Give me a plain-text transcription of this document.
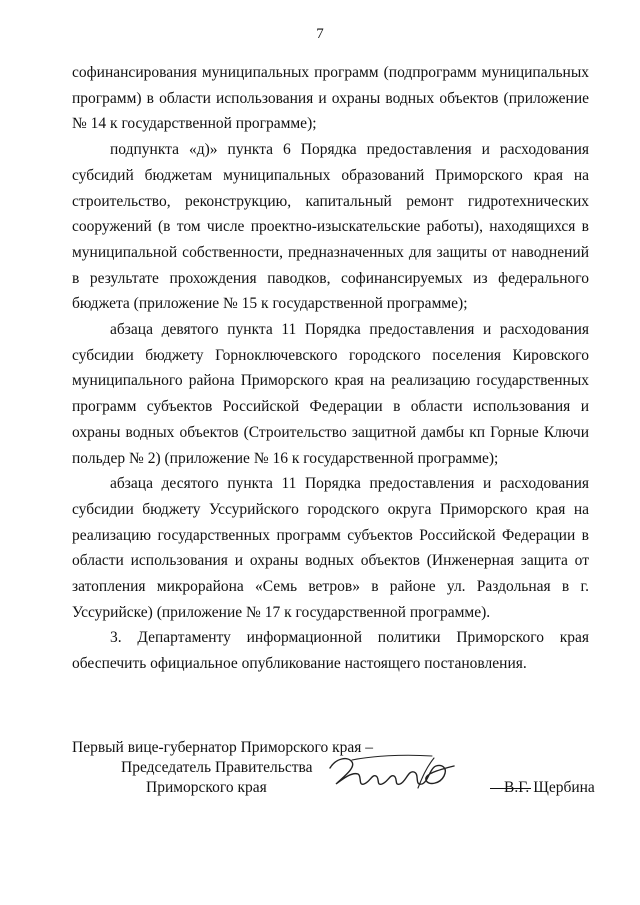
7

софинансирования муниципальных программ (подпрограмм муниципальных программ) в области использования и охраны водных объектов (приложение № 14 к государственной программе);

подпункта «д)» пункта 6 Порядка предоставления и расходования субсидий бюджетам муниципальных образований Приморского края на строительство, реконструкцию, капитальный ремонт гидротехнических сооружений (в том числе проектно-изыскательские работы), находящихся в муниципальной собственности, предназначенных для защиты от наводнений в результате прохождения паводков, софинансируемых из федерального бюджета (приложение № 15 к государственной программе);

абзаца девятого пункта 11 Порядка предоставления и расходования субсидии бюджету Горноключевского городского поселения Кировского муниципального района Приморского края на реализацию государственных программ субъектов Российской Федерации в области использования и охраны водных объектов (Строительство защитной дамбы кп Горные Ключи польдер № 2) (приложение № 16 к государственной программе);

абзаца десятого пункта 11 Порядка предоставления и расходования субсидии бюджету Уссурийского городского округа Приморского края на реализацию государственных программ субъектов Российской Федерации в области использования и охраны водных объектов (Инженерная защита от затопления микрорайона «Семь ветров» в районе ул. Раздольная в г. Уссурийске) (приложение № 17 к государственной программе).

3. Департаменту информационной политики Приморского края обеспечить официальное опубликование настоящего постановления.

Первый вице-губернатор Приморского края –
Председатель Правительства
Приморского края	В.Г. Щербина
